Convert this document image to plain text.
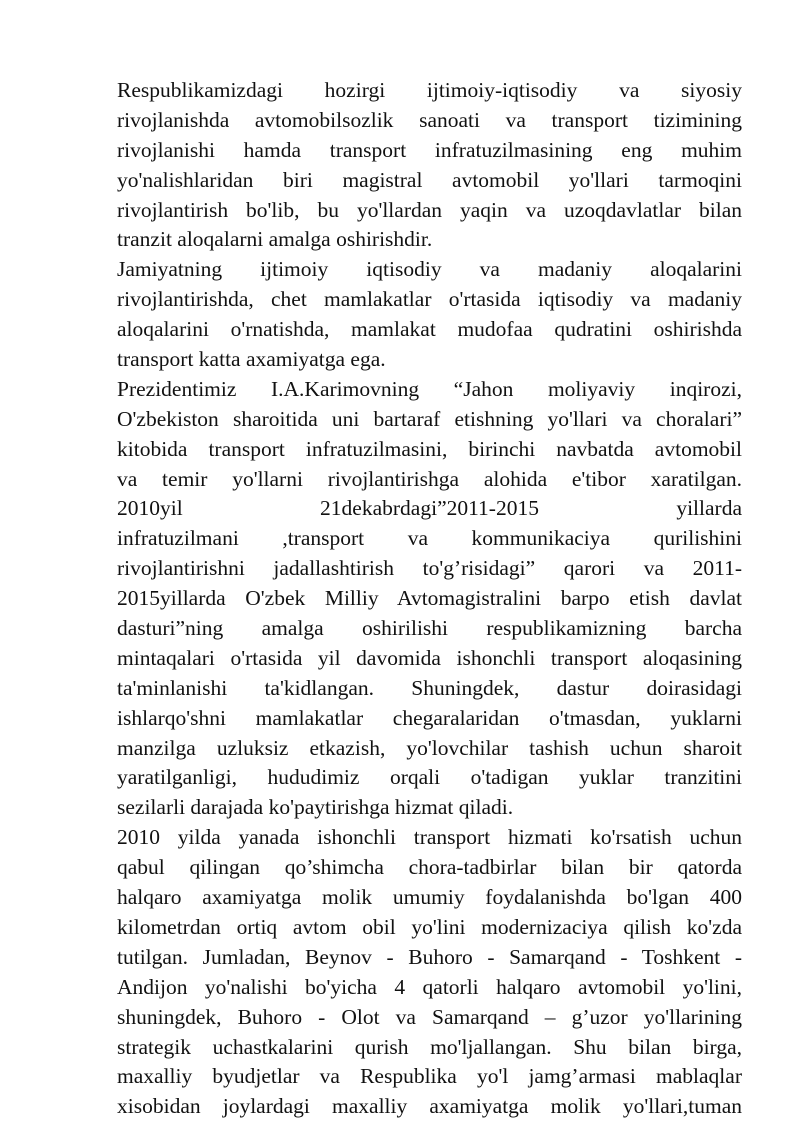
Respublikamizdagi hozirgi ijtimoiy-iqtisodiy va siyosiy
rivojlanishda avtomobilsozlik sanoati va transport tizimining
rivojlanishi hamda transport infratuzilmasining eng muhim
yo'nalishlaridan biri magistral avtomobil yo'llari tarmoqini
rivojlantirish bo'lib, bu yo'llardan yaqin va uzoqdavlatlar bilan
tranzit aloqalarni amalga oshirishdir.

Jamiyatning ijtimoiy iqtisodiy va madaniy aloqalarini
rivojlantirishda, chet mamlakatlar o'rtasida iqtisodiy va madaniy
aloqalarini o'rnatishda, mamlakat mudofaa qudratini oshirishda
transport katta axamiyatga ega.

Prezidentimiz I.A.Karimovning “Jahon moliyaviy inqirozi,
O'zbekiston sharoitida uni bartaraf etishning yo'llari va choralari”
kitobida transport infratuzilmasini, birinchi navbatda avtomobil
va temir yo'llarni rivojlantirishga alohida e'tibor xaratilgan.
2010yil 21dekabrdagi”2011-2015 yillarda
infratuzilmani ,transport va kommunikaciya qurilishini
rivojlantirishni jadallashtirish to'g’risidagi” qarori va 2011-
2015yillarda O'zbek Milliy Avtomagistralini barpo etish davlat
dasturi”ning amalga oshirilishi respublikamizning barcha
mintaqalari o'rtasida yil davomida ishonchli transport aloqasining
ta'minlanishi ta'kidlangan. Shuningdek, dastur doirasidagi
ishlarqo'shni mamlakatlar chegaralaridan o'tmasdan, yuklarni
manzilga uzluksiz etkazish, yo'lovchilar tashish uchun sharoit
yaratilganligi, hududimiz orqali o'tadigan yuklar tranzitini
sezilarli darajada ko'paytirishga hizmat qiladi.

2010 yilda yanada ishonchli transport hizmati ko'rsatish uchun
qabul qilingan qo’shimcha chora-tadbirlar bilan bir qatorda
halqaro axamiyatga molik umumiy foydalanishda bo'lgan 400
kilometrdan ortiq avtom obil yo'lini modernizaciya qilish ko'zda
tutilgan. Jumladan, Beynov - Buhoro - Samarqand - Toshkent -
Andijon yo'nalishi bo'yicha 4 qatorli halqaro avtomobil yo'lini,
shuningdek, Buhoro - Olot va Samarqand – g’uzor yo'llarining
strategik uchastkalarini qurish mo'ljallangan. Shu bilan birga,
maxalliy byudjetlar va Respublika yo'l jamg’armasi mablaqlar
xisobidan joylardagi maxalliy axamiyatga molik yo'llari,tuman
